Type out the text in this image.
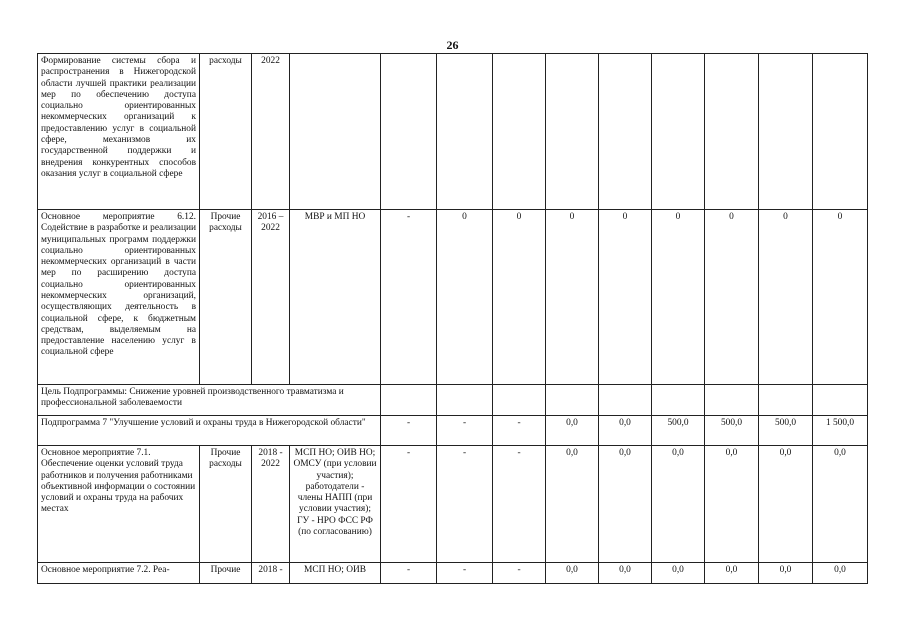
26
Формирование системы сбора и распространения в Нижегородской области лучшей практики реализации мер по обеспечению доступа социально ориентированных некоммерческих организаций к предоставлению услуг в социальной сфере, механизмов их государственной поддержки и внедрения конкурентных способов оказания услуг в социальной сфере	расходы	2022										
Основное мероприятие 6.12. Содействие в разработке и реализации муниципальных программ поддержки социально ориентированных некоммерческих организаций в части мер по расширению доступа социально ориентированных некоммерческих организаций, осуществляющих деятельность в социальной сфере, к бюджетным средствам, выделяемым на предоставление населению услуг в социальной сфере	Прочие расходы	2016 – 2022	МВР и МП НО	-	0	0	0	0	0	0	0	0
Цель Подпрограммы: Снижение уровней производственного травматизма и профессиональной заболеваемости												
Подпрограмма 7 "Улучшение условий и охраны труда в Нижегородской области"				-	-	-	0,0	0,0	500,0	500,0	500,0	1 500,0
Основное мероприятие 7.1. Обеспечение оценки условий труда работников и получения работниками объективной информации о состоянии условий и охраны труда на рабочих местах	Прочие расходы	2018 - 2022	МСП НО; ОИВ НО; ОМСУ (при условии участия); работодатели - члены НАПП (при условии участия); ГУ - НРО ФСС РФ (по согласованию)	-	-	-	0,0	0,0	0,0	0,0	0,0	0,0
Основное мероприятие 7.2. Реа-	Прочие	2018 -	МСП НО; ОИВ	-	-	-	0,0	0,0	0,0	0,0	0,0	0,0
